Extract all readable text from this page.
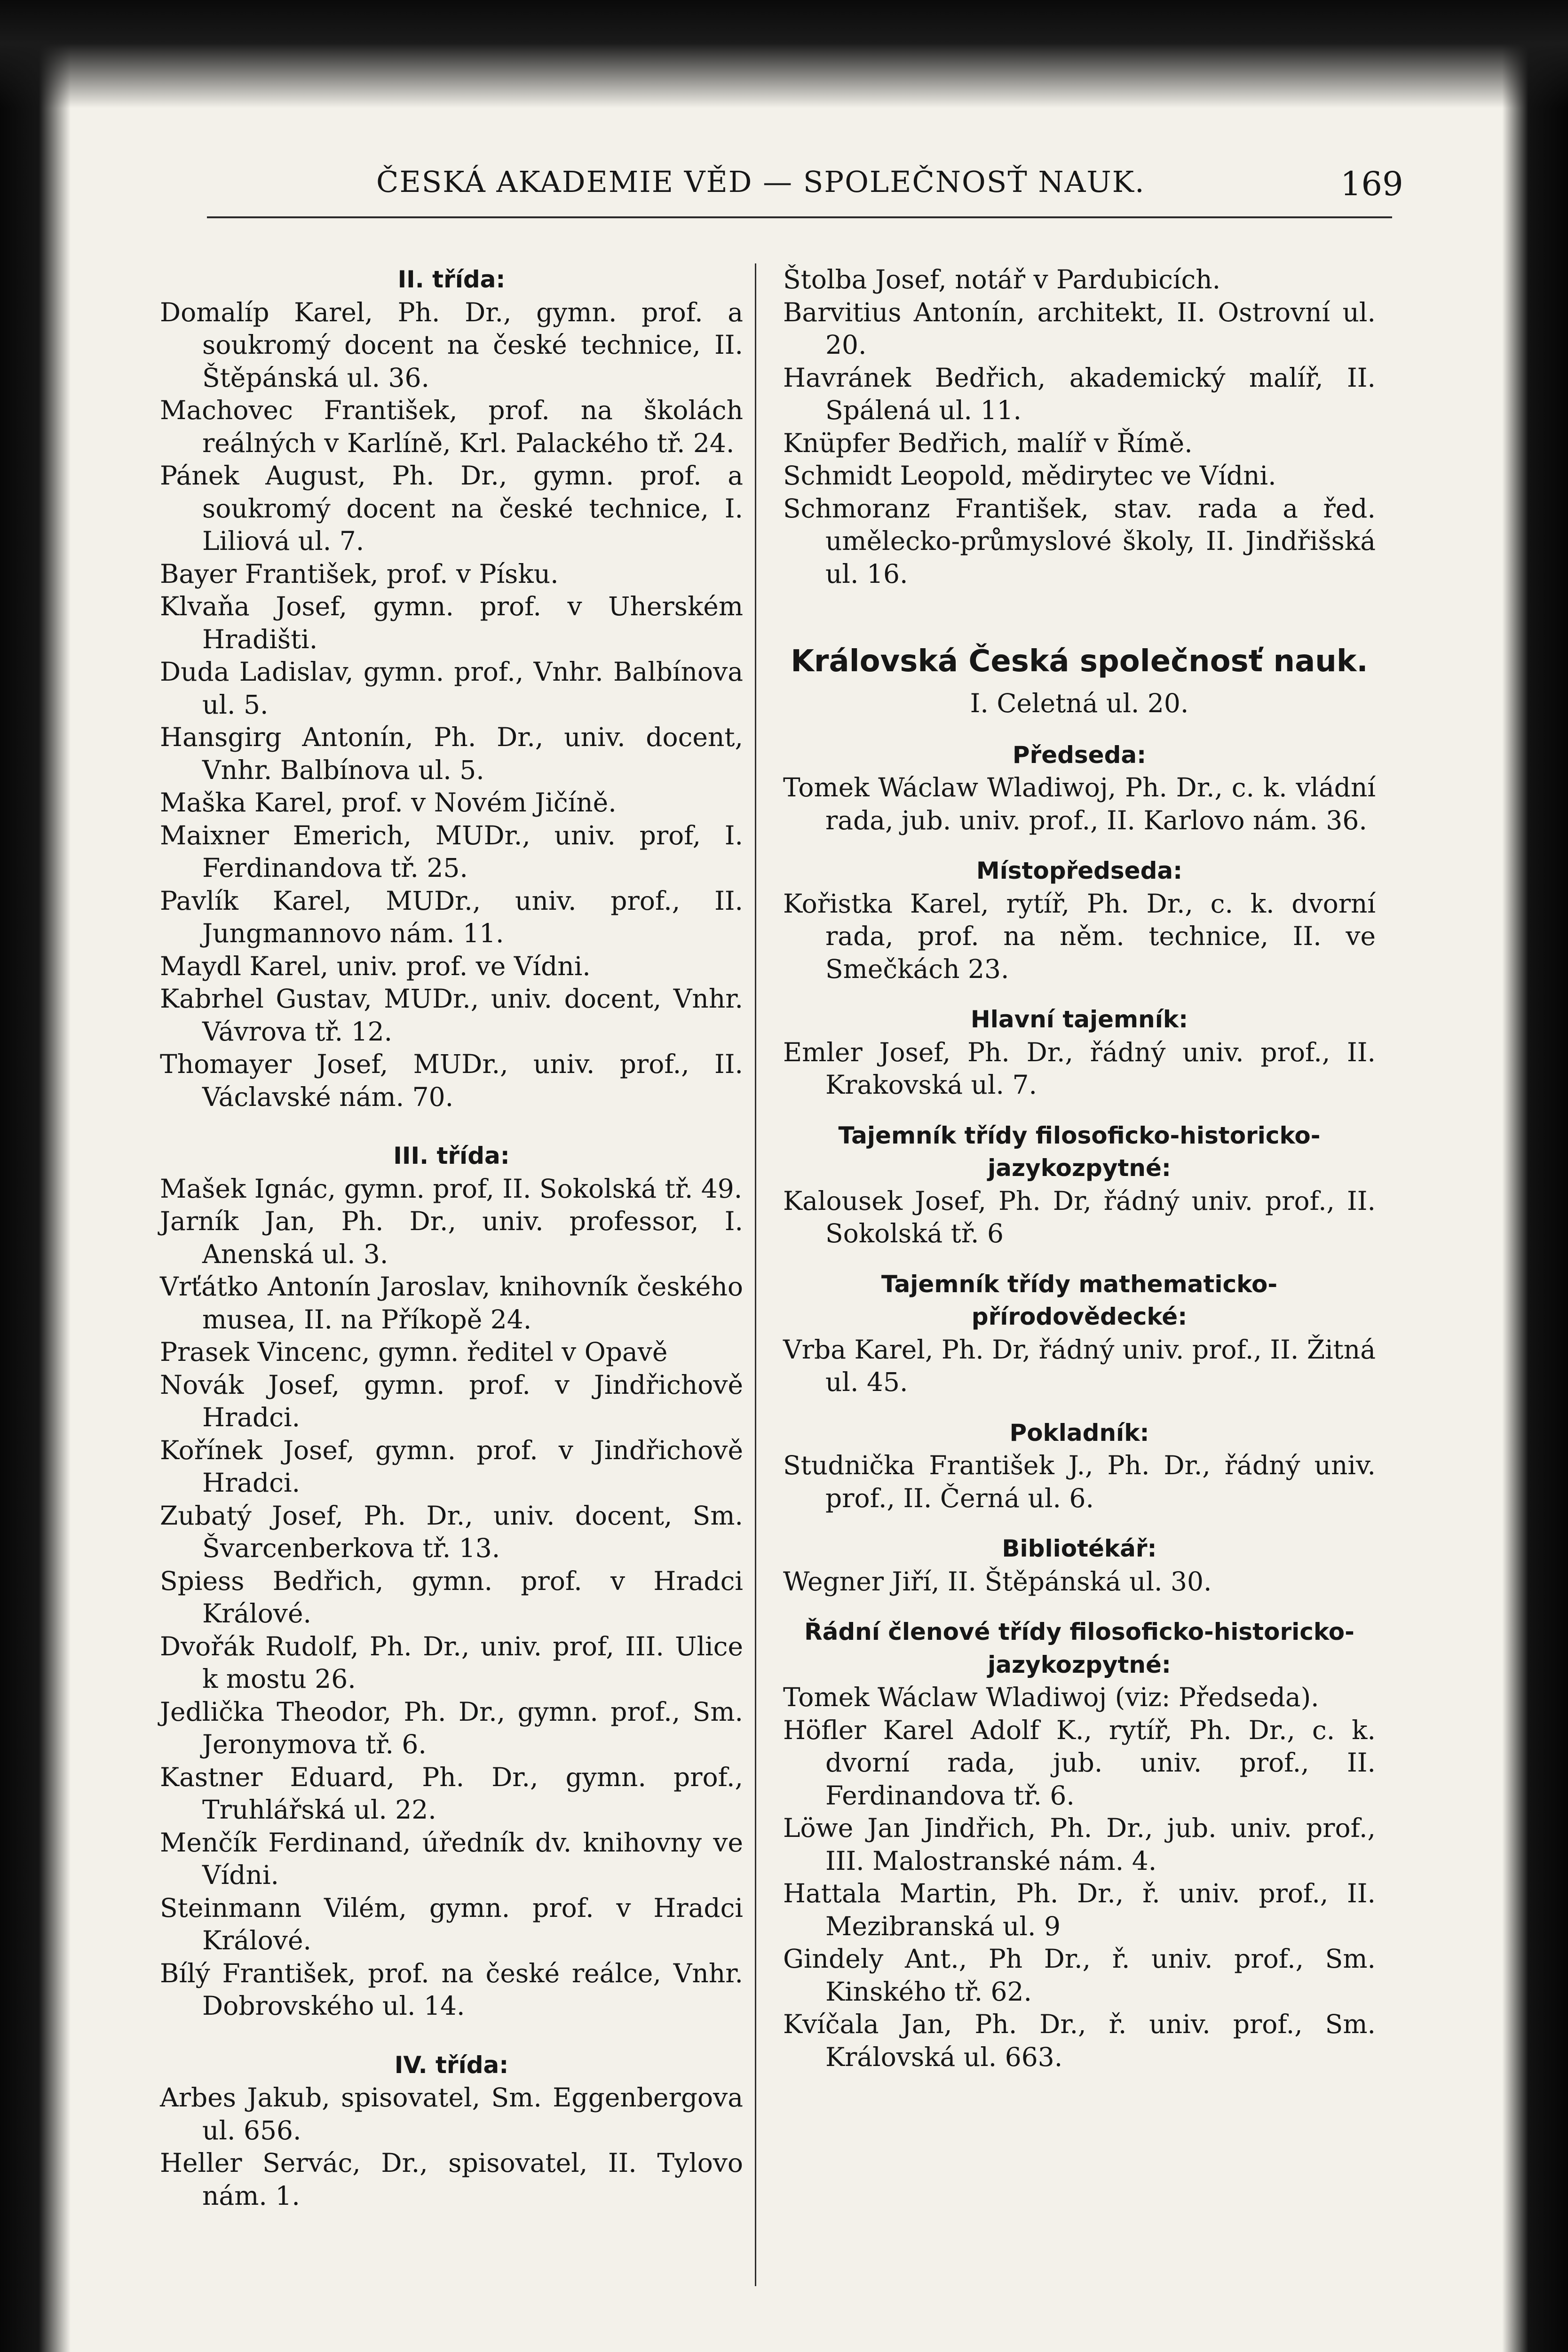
ČESKÁ AKADEMIE VĚD — SPOLEČNOSŤ NAUK.	169
II. třída:
Domalíp Karel, Ph. Dr., gymn. prof. a soukromý docent na české technice, II. Štěpánská ul. 36.
Machovec František, prof. na školách reálných v Karlíně, Krl. Palackého tř. 24.
Pánek August, Ph. Dr., gymn. prof. a soukromý docent na české technice, I. Liliová ul. 7.
Bayer František, prof. v Písku.
Klvaňa Josef, gymn. prof. v Uherském Hradišti.
Duda Ladislav, gymn. prof., Vnhr. Balbínova ul. 5.
Hansgirg Antonín, Ph. Dr., univ. docent, Vnhr. Balbínova ul. 5.
Maška Karel, prof. v Novém Jičíně.
Maixner Emerich, MUDr., univ. prof, I. Ferdinandova tř. 25.
Pavlík Karel, MUDr., univ. prof., II. Jungmannovo nám. 11.
Maydl Karel, univ. prof. ve Vídni.
Kabrhel Gustav, MUDr., univ. docent, Vnhr. Vávrova tř. 12.
Thomayer Josef, MUDr., univ. prof., II. Václavské nám. 70.
III. třída:
Mašek Ignác, gymn. prof, II. Sokolská tř. 49.
Jarník Jan, Ph. Dr., univ. professor, I. Anenská ul. 3.
Vrťátko Antonín Jaroslav, knihovník českého musea, II. na Příkopě 24.
Prasek Vincenc, gymn. ředitel v Opavě
Novák Josef, gymn. prof. v Jindřichově Hradci.
Kořínek Josef, gymn. prof. v Jindřichově Hradci.
Zubatý Josef, Ph. Dr., univ. docent, Sm. Švarcenberkova tř. 13.
Spiess Bedřich, gymn. prof. v Hradci Králové.
Dvořák Rudolf, Ph. Dr., univ. prof, III. Ulice k mostu 26.
Jedlička Theodor, Ph. Dr., gymn. prof., Sm. Jeronymova tř. 6.
Kastner Eduard, Ph. Dr., gymn. prof., Truhlářská ul. 22.
Menčík Ferdinand, úředník dv. knihovny ve Vídni.
Steinmann Vilém, gymn. prof. v Hradci Králové.
Bílý František, prof. na české reálce, Vnhr. Dobrovského ul. 14.
IV. třída:
Arbes Jakub, spisovatel, Sm. Eggenbergova ul. 656.
Heller Servác, Dr., spisovatel, II. Tylovo nám. 1.
Štolba Josef, notář v Pardubicích.
Barvitius Antonín, architekt, II. Ostrovní ul. 20.
Havránek Bedřich, akademický malíř, II. Spálená ul. 11.
Knüpfer Bedřich, malíř v Římě.
Schmidt Leopold, mědirytec ve Vídni.
Schmoranz František, stav. rada a řed. umělecko-průmyslové školy, II. Jindřišská ul. 16.
Královská Česká společnosť nauk.
I. Celetná ul. 20.
Předseda:
Tomek Wáclaw Wladiwoj, Ph. Dr., c. k. vládní rada, jub. univ. prof., II. Karlovo nám. 36.
Místopředseda:
Kořistka Karel, rytíř, Ph. Dr., c. k. dvorní rada, prof. na něm. technice, II. ve Smečkách 23.
Hlavní tajemník:
Emler Josef, Ph. Dr., řádný univ. prof., II. Krakovská ul. 7.
Tajemník třídy filosoficko-historicko-jazykozpytné:
Kalousek Josef, Ph. Dr, řádný univ. prof., II. Sokolská tř. 6
Tajemník třídy mathematicko-přírodovědecké:
Vrba Karel, Ph. Dr, řádný univ. prof., II. Žitná ul. 45.
Pokladník:
Studnička František J., Ph. Dr., řádný univ. prof., II. Černá ul. 6.
Bibliotékář:
Wegner Jiří, II. Štěpánská ul. 30.
Řádní členové třídy filosoficko-historicko-jazykozpytné:
Tomek Wáclaw Wladiwoj (viz: Předseda).
Höfler Karel Adolf K., rytíř, Ph. Dr., c. k. dvorní rada, jub. univ. prof., II. Ferdinandova tř. 6.
Löwe Jan Jindřich, Ph. Dr., jub. univ. prof., III. Malostranské nám. 4.
Hattala Martin, Ph. Dr., ř. univ. prof., II. Mezibranská ul. 9
Gindely Ant., Ph Dr., ř. univ. prof., Sm. Kinského tř. 62.
Kvíčala Jan, Ph. Dr., ř. univ. prof., Sm. Královská ul. 663.
